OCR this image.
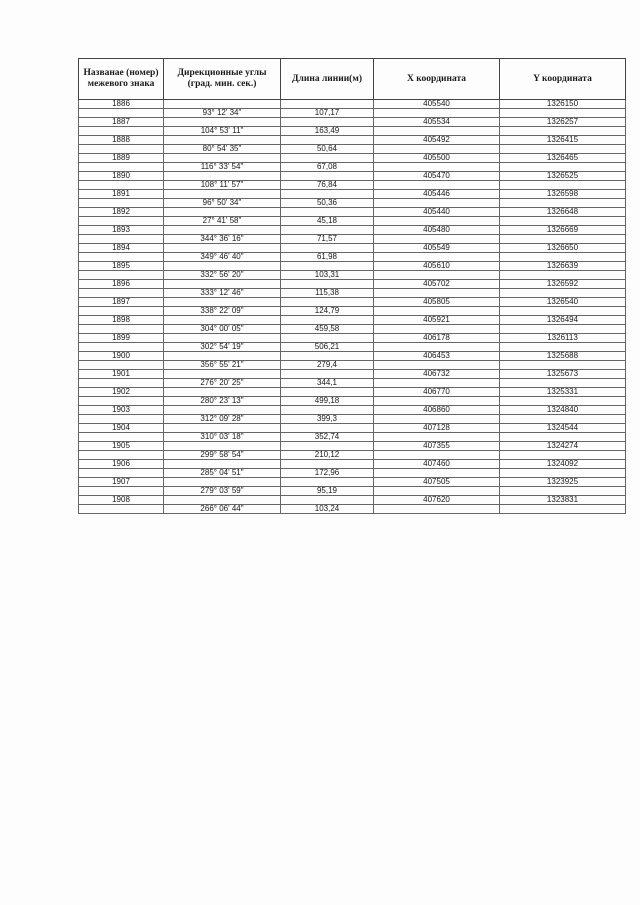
Названае (номер) межевого знака	Дирекционные углы (град. мин. сек.)	Длина линии(м)	X координата	Y координата
1886			405540	1326150
	93° 12' 34"	107,17		
1887			405534	1326257
	104° 53' 11"	163,49		
1888			405492	1326415
	80° 54' 35"	50,64		
1889			405500	1326465
	116° 33' 54"	67,08		
1890			405470	1326525
	108° 11' 57"	76,84		
1891			405446	1326598
	96° 50' 34"	50,36		
1892			405440	1326648
	27° 41' 58"	45,18		
1893			405480	1326669
	344° 36' 16"	71,57		
1894			405549	1326650
	349° 46' 40"	61,98		
1895			405610	1326639
	332° 56' 20"	103,31		
1896			405702	1326592
	333° 12' 46"	115,38		
1897			405805	1326540
	338° 22' 09"	124,79		
1898			405921	1326494
	304° 00' 05"	459,58		
1899			406178	1326113
	302° 54' 19"	506,21		
1900			406453	1325688
	356° 55' 21"	279,4		
1901			406732	1325673
	276° 20' 25"	344,1		
1902			406770	1325331
	280° 23' 13"	499,18		
1903			406860	1324840
	312° 09' 28"	399,3		
1904			407128	1324544
	310° 03' 18"	352,74		
1905			407355	1324274
	299° 58' 54"	210,12		
1906			407460	1324092
	285° 04' 51"	172,96		
1907			407505	1323925
	279° 03' 59"	95,19		
1908			407620	1323831
	266° 06' 44"	103,24		
